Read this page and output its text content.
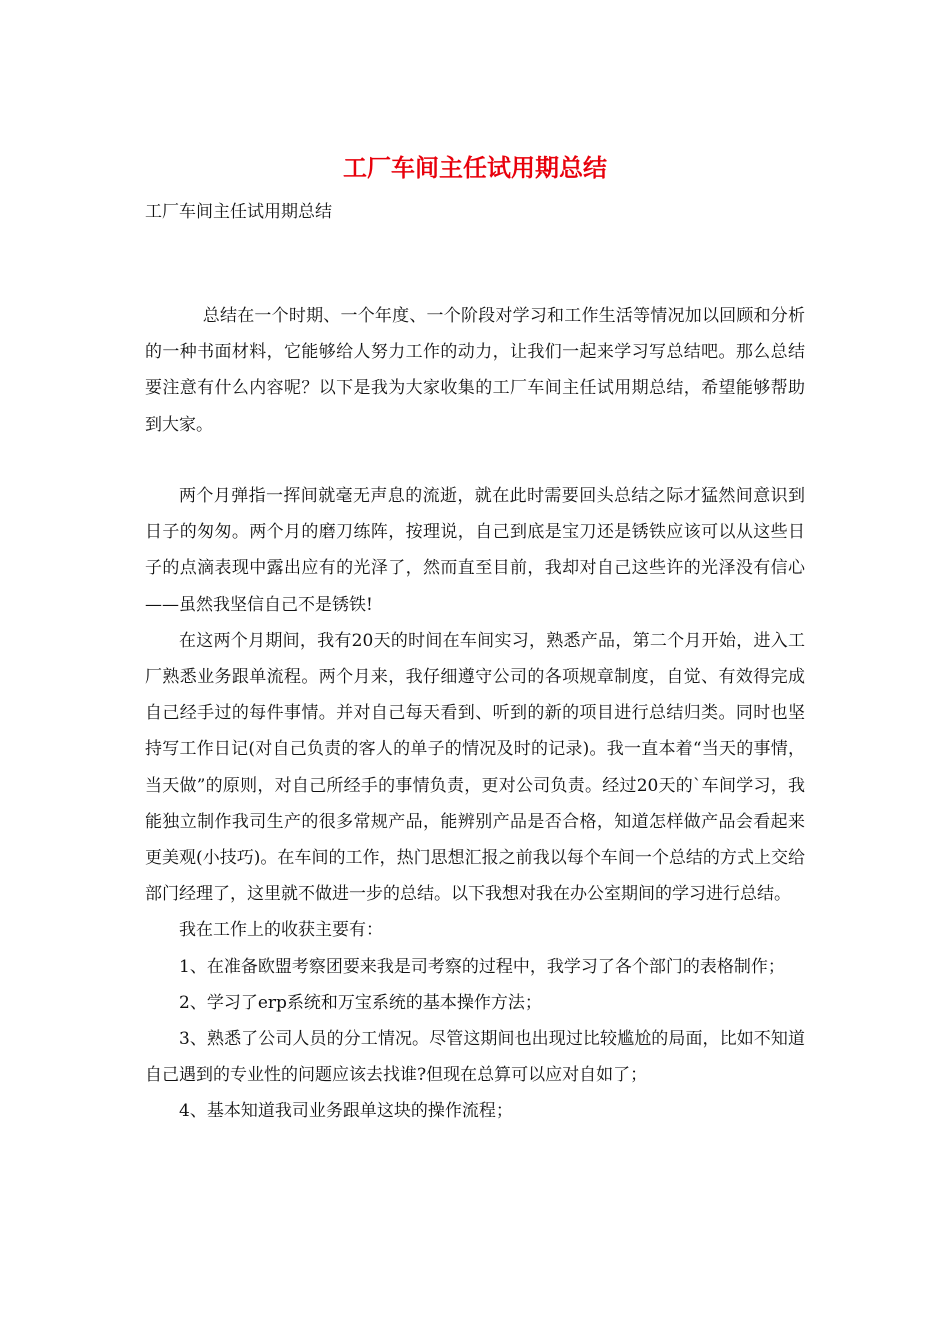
工厂车间主任试用期总结

工厂车间主任试用期总结

总结在一个时期、一个年度、一个阶段对学习和工作生活等情况加以回顾和分析的一种书面材料，它能够给人努力工作的动力，让我们一起来学习写总结吧。那么总结要注意有什么内容呢？以下是我为大家收集的工厂车间主任试用期总结，希望能够帮助到大家。

两个月弹指一挥间就毫无声息的流逝，就在此时需要回头总结之际才猛然间意识到日子的匆匆。两个月的磨刀练阵，按理说，自己到底是宝刀还是锈铁应该可以从这些日子的点滴表现中露出应有的光泽了，然而直至目前，我却对自己这些许的光泽没有信心——虽然我坚信自己不是锈铁!

在这两个月期间，我有20天的时间在车间实习，熟悉产品，第二个月开始，进入工厂熟悉业务跟单流程。两个月来，我仔细遵守公司的各项规章制度，自觉、有效得完成自己经手过的每件事情。并对自己每天看到、听到的新的项目进行总结归类。同时也坚持写工作日记(对自己负责的客人的单子的情况及时的记录)。我一直本着“当天的事情，当天做”的原则，对自己所经手的事情负责，更对公司负责。经过20天的`车间学习，我能独立制作我司生产的很多常规产品，能辨别产品是否合格，知道怎样做产品会看起来更美观(小技巧)。在车间的工作，热门思想汇报之前我以每个车间一个总结的方式上交给部门经理了，这里就不做进一步的总结。以下我想对我在办公室期间的学习进行总结。

我在工作上的收获主要有：

1、在准备欧盟考察团要来我是司考察的过程中，我学习了各个部门的表格制作；

2、学习了erp系统和万宝系统的基本操作方法；

3、熟悉了公司人员的分工情况。尽管这期间也出现过比较尴尬的局面，比如不知道自己遇到的专业性的问题应该去找谁?但现在总算可以应对自如了；

4、基本知道我司业务跟单这块的操作流程；
